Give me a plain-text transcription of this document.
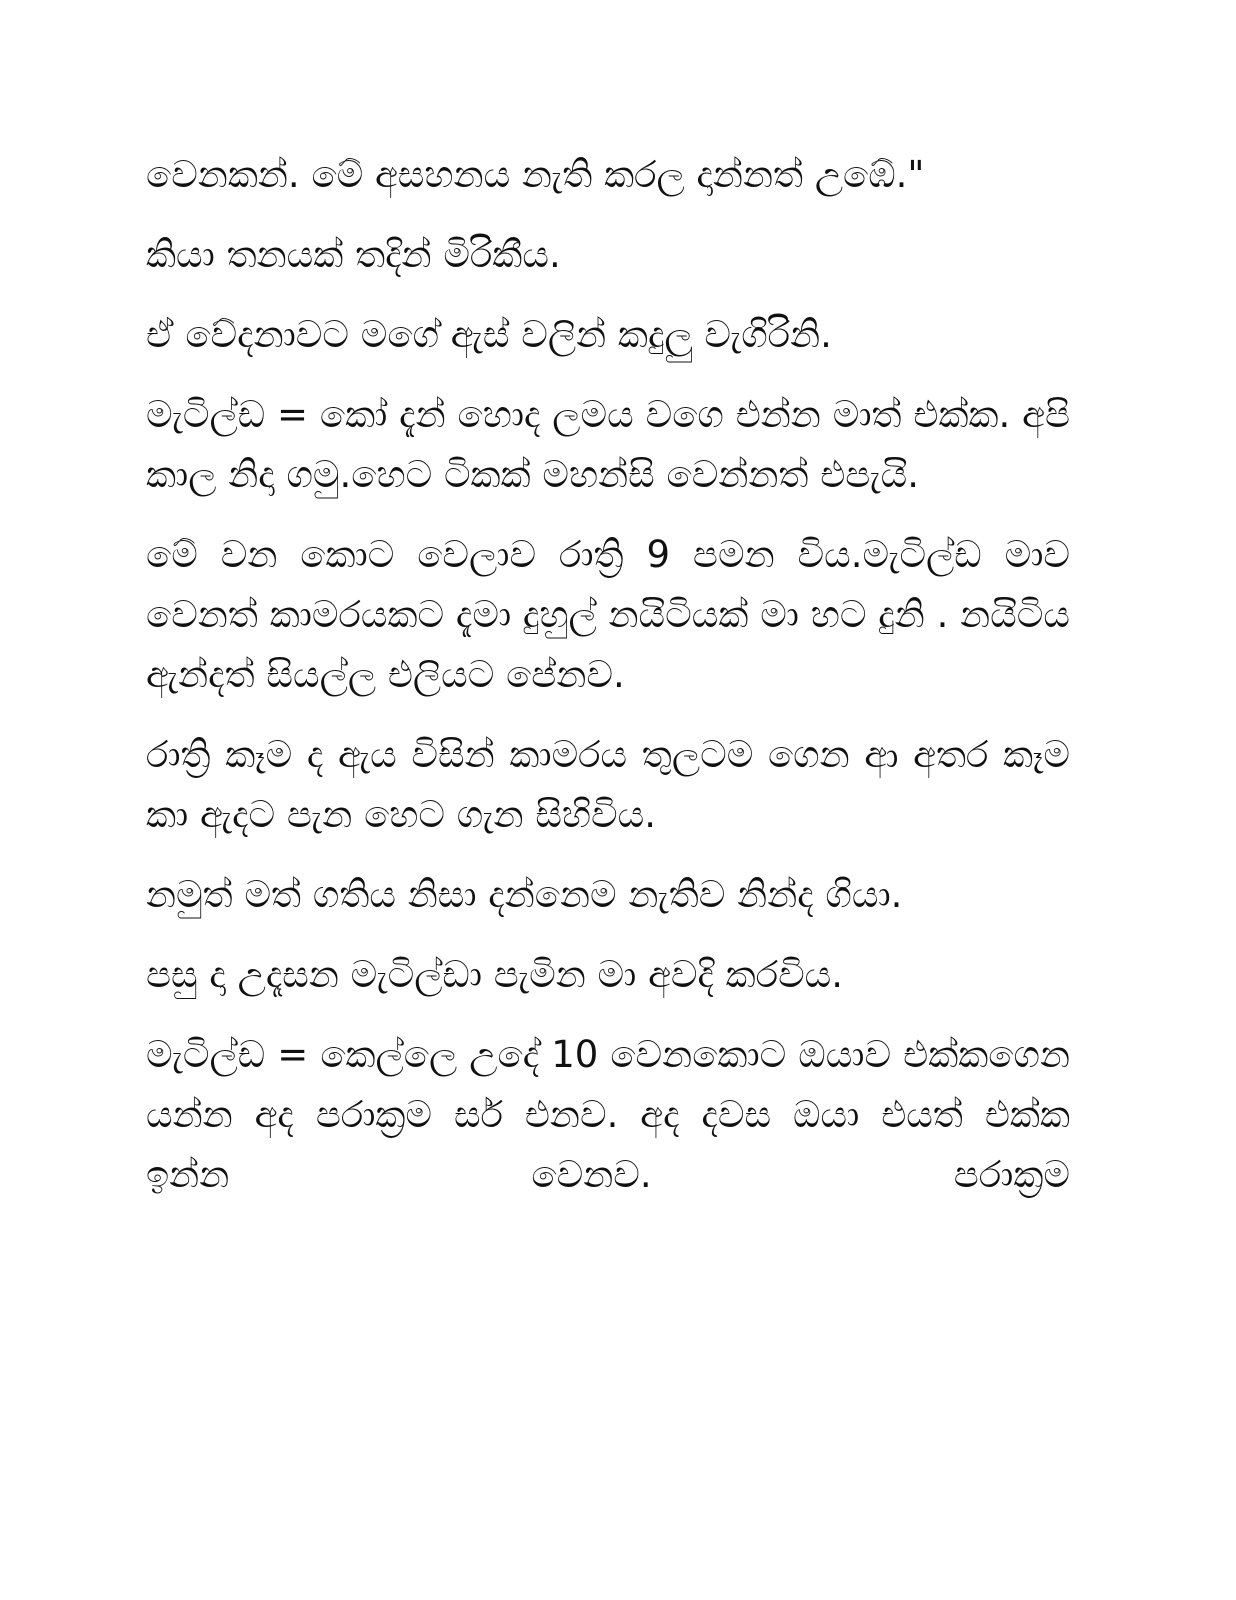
වෙනකන්. මේ අසහනය නැති කරල දාන්නත් උඹේ."

කියා තනයක් තදින් මිරිකීය.

ඒ වේදනාවට මගේ ඇස් වලින් කදුලු වැගිරිනි.

මැටිල්ඩ = කෝ දැන් හොද ලමය වගෙ එන්න මාත් එක්ක. අපි කාල නිදා ගමු.හෙට ටිකක් මහන්සි වෙන්නත් එපැයි.

මේ වන කොට වෙලාව රාත්‍රි 9 පමන විය.මැටිල්ඩ මාව වෙනත් කාමරයකට දැමා දුහුල් නයිටියක් මා හට දුනි . නයිටිය ඇන්දත් සියල්ල එලියට පේනව.

රාත්‍රි කෑම ද ඇය විසින් කාමරය තුලටම ගෙන ආ අතර කෑම කා ඇදට පැන හෙට ගැන සිහිවිය.

නමුත් මත් ගතිය නිසා දන්නෙම නැතිව නින්ද ගියා.

පසු දා උදෑසන මැටිල්ඩා පැමින මා අවදි කරවිය.

මැටිල්ඩ = කෙල්ලෙ උදේ 10 වෙනකොට ඔයාව එක්කගෙන යන්න අද පරාක්‍රම සර් එනව. අද දවස ඔයා එයත් එක්ක ඉන්න වෙනව. පරාක්‍රම
